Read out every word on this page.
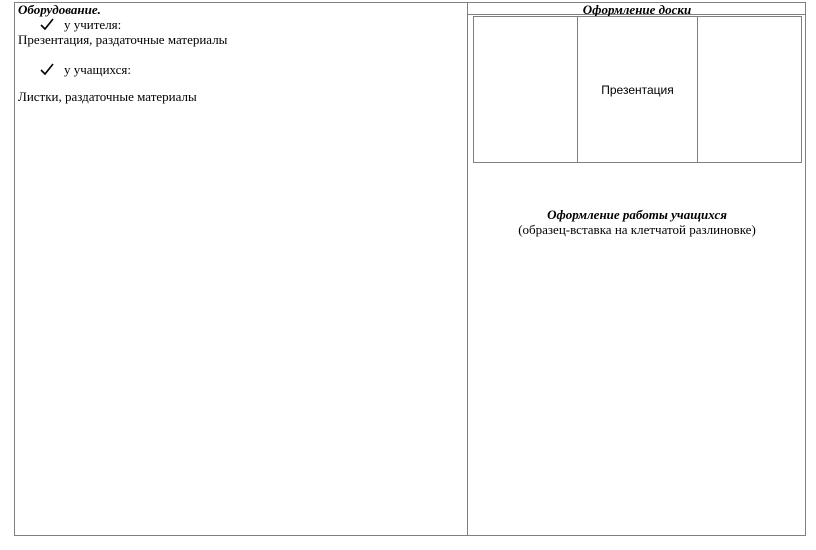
Оборудование.

у учителя:

Презентация, раздаточные материалы

у учащихся:

Листки, раздаточные материалы

Оформление доски
Презентация
Оформление работы учащихся
(образец-вставка на клетчатой разлиновке)
